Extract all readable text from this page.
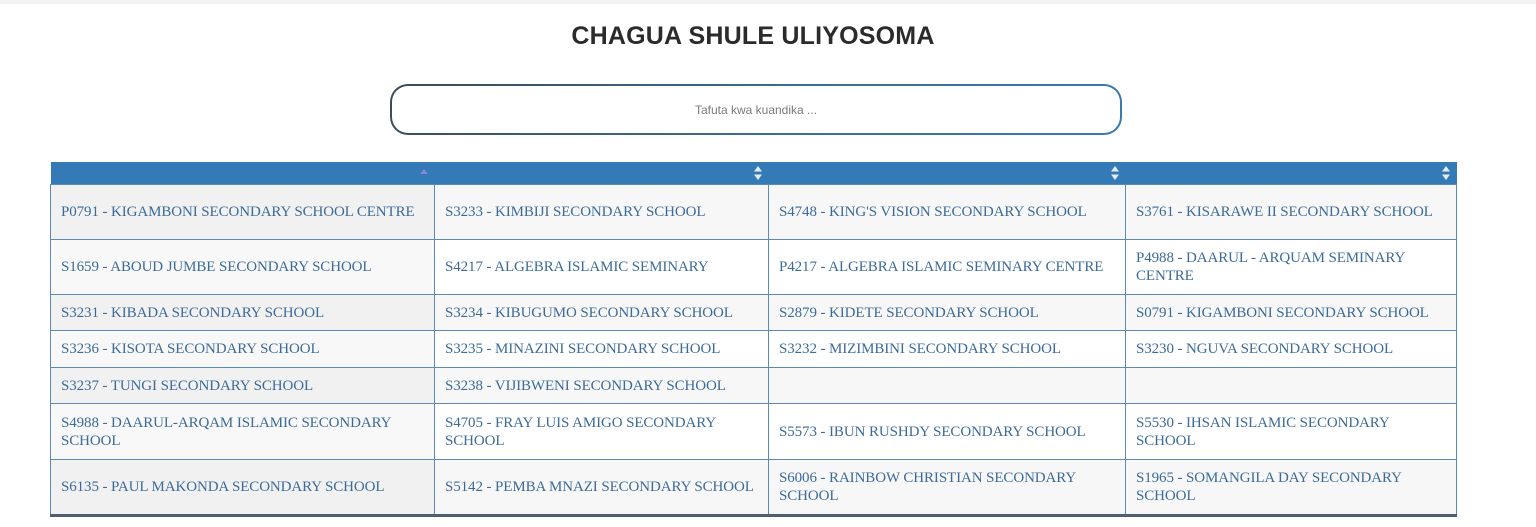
CHAGUA SHULE ULIYOSOMA
Tafuta kwa kuandika ...

P0791 - KIGAMBONI SECONDARY SCHOOL CENTRE	S3233 - KIMBIJI SECONDARY SCHOOL	S4748 - KING'S VISION SECONDARY SCHOOL	S3761 - KISARAWE II SECONDARY SCHOOL
S1659 - ABOUD JUMBE SECONDARY SCHOOL	S4217 - ALGEBRA ISLAMIC SEMINARY	P4217 - ALGEBRA ISLAMIC SEMINARY CENTRE	P4988 - DAARUL - ARQUAM SEMINARY CENTRE
S3231 - KIBADA SECONDARY SCHOOL	S3234 - KIBUGUMO SECONDARY SCHOOL	S2879 - KIDETE SECONDARY SCHOOL	S0791 - KIGAMBONI SECONDARY SCHOOL
S3236 - KISOTA SECONDARY SCHOOL	S3235 - MINAZINI SECONDARY SCHOOL	S3232 - MIZIMBINI SECONDARY SCHOOL	S3230 - NGUVA SECONDARY SCHOOL
S3237 - TUNGI SECONDARY SCHOOL	S3238 - VIJIBWENI SECONDARY SCHOOL		
S4988 - DAARUL-ARQAM ISLAMIC SECONDARY SCHOOL	S4705 - FRAY LUIS AMIGO SECONDARY SCHOOL	S5573 - IBUN RUSHDY SECONDARY SCHOOL	S5530 - IHSAN ISLAMIC SECONDARY SCHOOL
S6135 - PAUL MAKONDA SECONDARY SCHOOL	S5142 - PEMBA MNAZI SECONDARY SCHOOL	S6006 - RAINBOW CHRISTIAN SECONDARY SCHOOL	S1965 - SOMANGILA DAY SECONDARY SCHOOL
